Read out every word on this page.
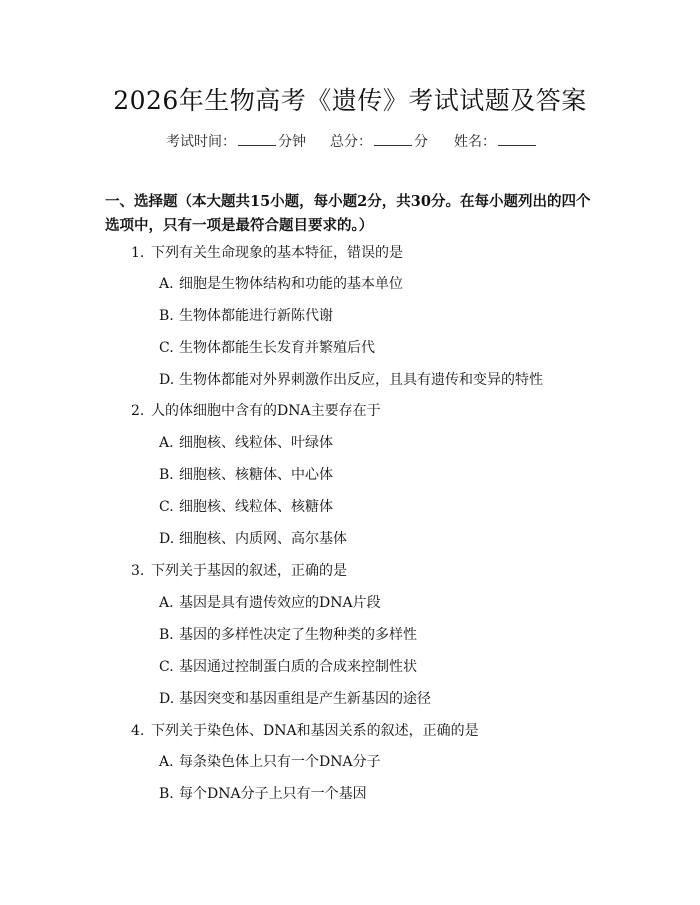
2026年生物高考《遗传》考试试题及答案
考试时间：	分钟 总分：	分 姓名：
一、选择题（本大题共15小题，每小题2分，共30分。在每小题列出的四个选项中，只有一项是最符合题目要求的。）
1. 下列有关生命现象的基本特征，错误的是
A. 细胞是生物体结构和功能的基本单位
B. 生物体都能进行新陈代谢
C. 生物体都能生长发育并繁殖后代
D. 生物体都能对外界刺激作出反应，且具有遗传和变异的特性
2. 人的体细胞中含有的DNA主要存在于
A. 细胞核、线粒体、叶绿体
B. 细胞核、核糖体、中心体
C. 细胞核、线粒体、核糖体
D. 细胞核、内质网、高尔基体
3. 下列关于基因的叙述，正确的是
A. 基因是具有遗传效应的DNA片段
B. 基因的多样性决定了生物种类的多样性
C. 基因通过控制蛋白质的合成来控制性状
D. 基因突变和基因重组是产生新基因的途径
4. 下列关于染色体、DNA和基因关系的叙述，正确的是
A. 每条染色体上只有一个DNA分子
B. 每个DNA分子上只有一个基因
